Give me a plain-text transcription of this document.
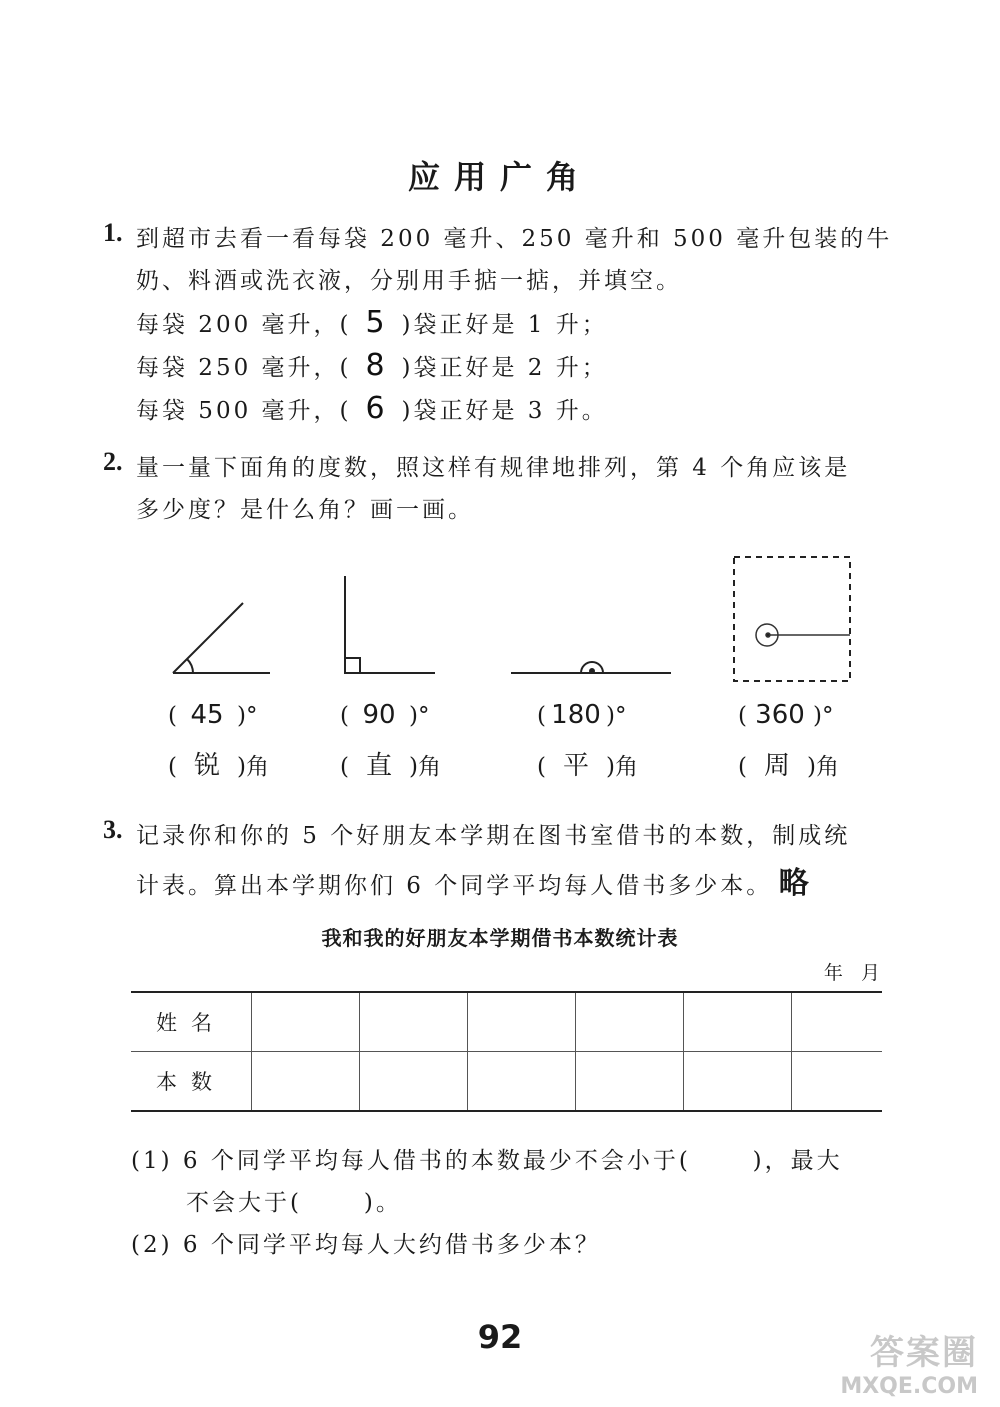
应用广角
1. 到超市去看一看每袋 200 毫升、250 毫升和 500 毫升包装的牛
奶、料酒或洗衣液，分别用手掂一掂，并填空。
每袋 200 毫升，( 5 )袋正好是 1 升；
每袋 250 毫升，( 8 )袋正好是 2 升；
每袋 500 毫升，( 6 )袋正好是 3 升。
2. 量一量下面角的度数，照这样有规律地排列，第 4 个角应该是
多少度？是什么角？画一画。
( 45 )°	( 90 )°	( 180 )°	( 360 )°
( 锐 )角	( 直 )角	( 平 )角	( 周 )角
3. 记录你和你的 5 个好朋友本学期在图书室借书的本数，制成统
计表。算出本学期你们 6 个同学平均每人借书多少本。 略
我和我的好朋友本学期借书本数统计表
年  月
姓名						
本数						
(1) 6 个同学平均每人借书的本数最少不会小于(      )，最大
不会大于(      )。
(2) 6 个同学平均每人大约借书多少本？
92	答案圈
MXQE.COM
